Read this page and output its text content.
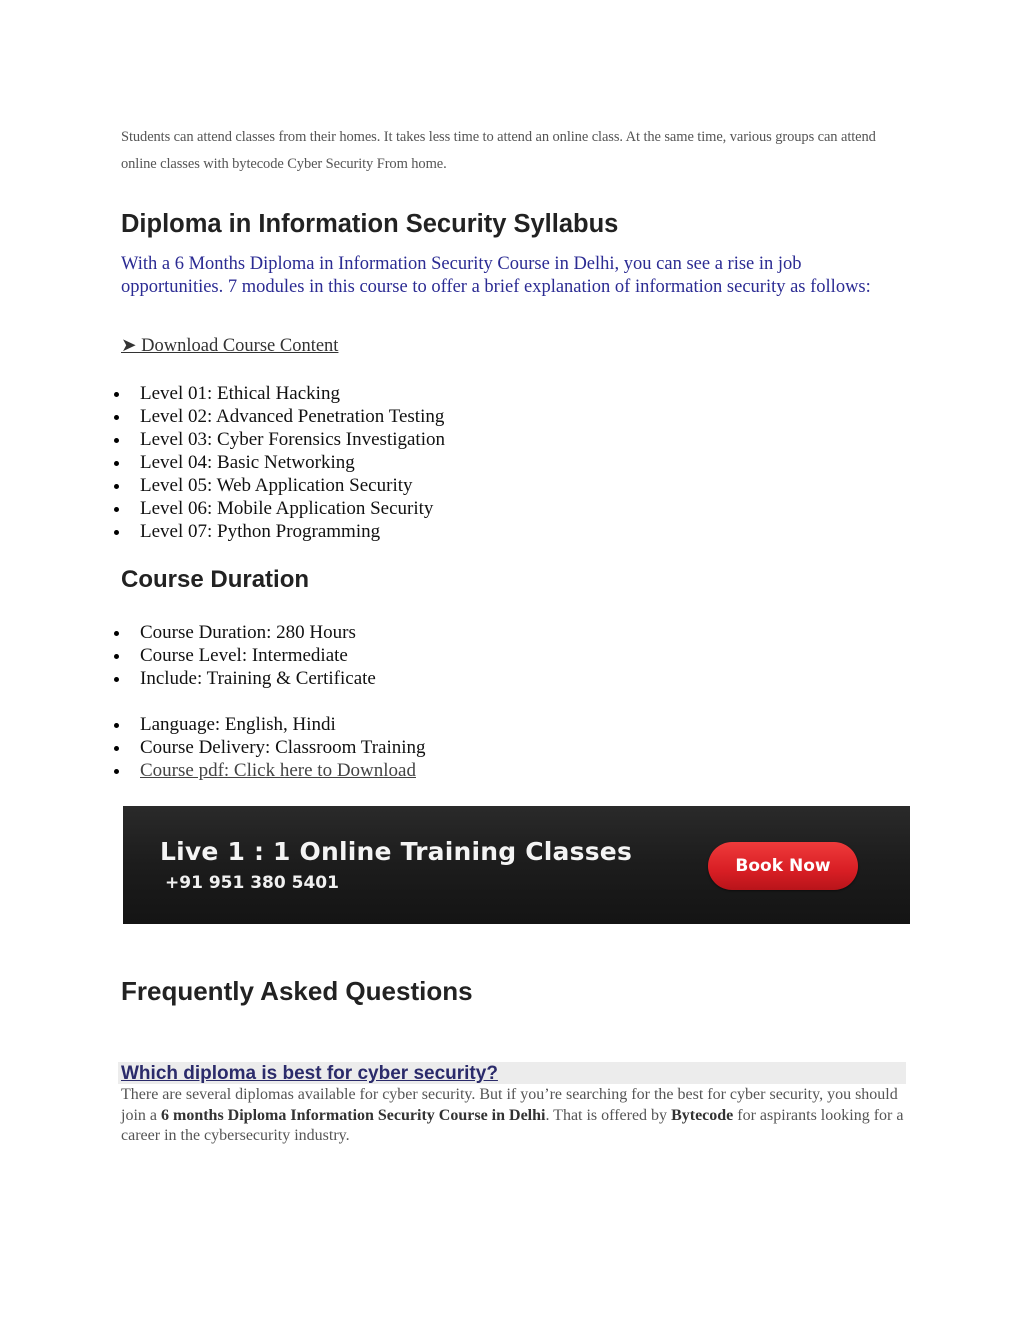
Students can attend classes from their homes. It takes less time to attend an online class. At the same time, various groups can attend online classes with bytecode Cyber Security From home.

Diploma in Information Security Syllabus

With a 6 Months Diploma in Information Security Course in Delhi, you can see a rise in job opportunities. 7 modules in this course to offer a brief explanation of information security as follows:

➤ Download Course Content
Level 01: Ethical Hacking
Level 02: Advanced Penetration Testing
Level 03: Cyber Forensics Investigation
Level 04: Basic Networking
Level 05: Web Application Security
Level 06: Mobile Application Security
Level 07: Python Programming
Course Duration
Course Duration: 280 Hours
Course Level: Intermediate
Include: Training & Certificate
Language: English, Hindi
Course Delivery: Classroom Training
Course pdf: Click here to Download
Live 1 : 1 Online Training Classes
+91 951 380 5401
Book Now
Frequently Asked Questions
Which diploma is best for cyber security?

There are several diplomas available for cyber security. But if you’re searching for the best for cyber security, you should join a 6 months Diploma Information Security Course in Delhi. That is offered by Bytecode for aspirants looking for a career in the cybersecurity industry.
